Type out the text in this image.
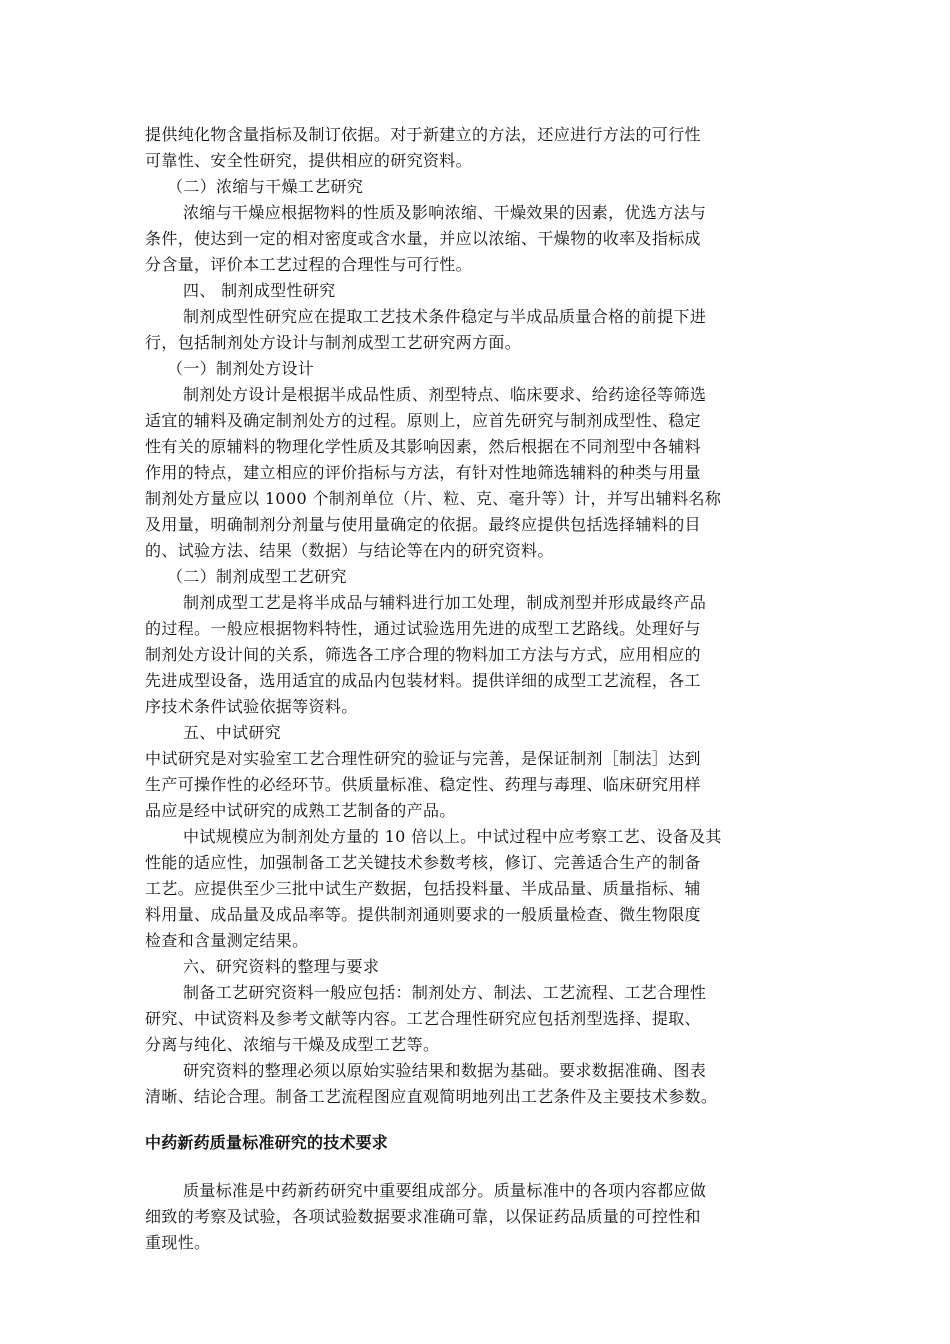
提供纯化物含量指标及制订依据。对于新建立的方法，还应进行方法的可行性
可靠性、安全性研究，提供相应的研究资料。
（二）浓缩与干燥工艺研究
浓缩与干燥应根据物料的性质及影响浓缩、干燥效果的因素，优选方法与
条件，使达到一定的相对密度或含水量，并应以浓缩、干燥物的收率及指标成
分含量，评价本工艺过程的合理性与可行性。
四、 制剂成型性研究
制剂成型性研究应在提取工艺技术条件稳定与半成品质量合格的前提下进
行，包括制剂处方设计与制剂成型工艺研究两方面。
（一）制剂处方设计
制剂处方设计是根据半成品性质、剂型特点、临床要求、给药途径等筛选
适宜的辅料及确定制剂处方的过程。原则上，应首先研究与制剂成型性、稳定
性有关的原辅料的物理化学性质及其影响因素，然后根据在不同剂型中各辅料
作用的特点，建立相应的评价指标与方法，有针对性地筛选辅料的种类与用量
制剂处方量应以 1000 个制剂单位（片、粒、克、毫升等）计，并写出辅料名称
及用量，明确制剂分剂量与使用量确定的依据。最终应提供包括选择辅料的目
的、试验方法、结果（数据）与结论等在内的研究资料。
（二）制剂成型工艺研究
制剂成型工艺是将半成品与辅料进行加工处理，制成剂型并形成最终产品
的过程。一般应根据物料特性，通过试验选用先进的成型工艺路线。处理好与
制剂处方设计间的关系，筛选各工序合理的物料加工方法与方式，应用相应的
先进成型设备，选用适宜的成品内包装材料。提供详细的成型工艺流程，各工
序技术条件试验依据等资料。
五、中试研究
中试研究是对实验室工艺合理性研究的验证与完善，是保证制剂［制法］达到
生产可操作性的必经环节。供质量标准、稳定性、药理与毒理、临床研究用样
品应是经中试研究的成熟工艺制备的产品。
中试规模应为制剂处方量的 10 倍以上。中试过程中应考察工艺、设备及其
性能的适应性，加强制备工艺关键技术参数考核，修订、完善适合生产的制备
工艺。应提供至少三批中试生产数据，包括投料量、半成品量、质量指标、辅
料用量、成品量及成品率等。提供制剂通则要求的一般质量检查、微生物限度
检查和含量测定结果。
六、研究资料的整理与要求
制备工艺研究资料一般应包括：制剂处方、制法、工艺流程、工艺合理性
研究、中试资料及参考文献等内容。工艺合理性研究应包括剂型选择、提取、
分离与纯化、浓缩与干燥及成型工艺等。
研究资料的整理必须以原始实验结果和数据为基础。要求数据准确、图表
清晰、结论合理。制备工艺流程图应直观简明地列出工艺条件及主要技术参数。
中药新药质量标准研究的技术要求
质量标准是中药新药研究中重要组成部分。质量标准中的各项内容都应做
细致的考察及试验，各项试验数据要求准确可靠，以保证药品质量的可控性和
重现性。
